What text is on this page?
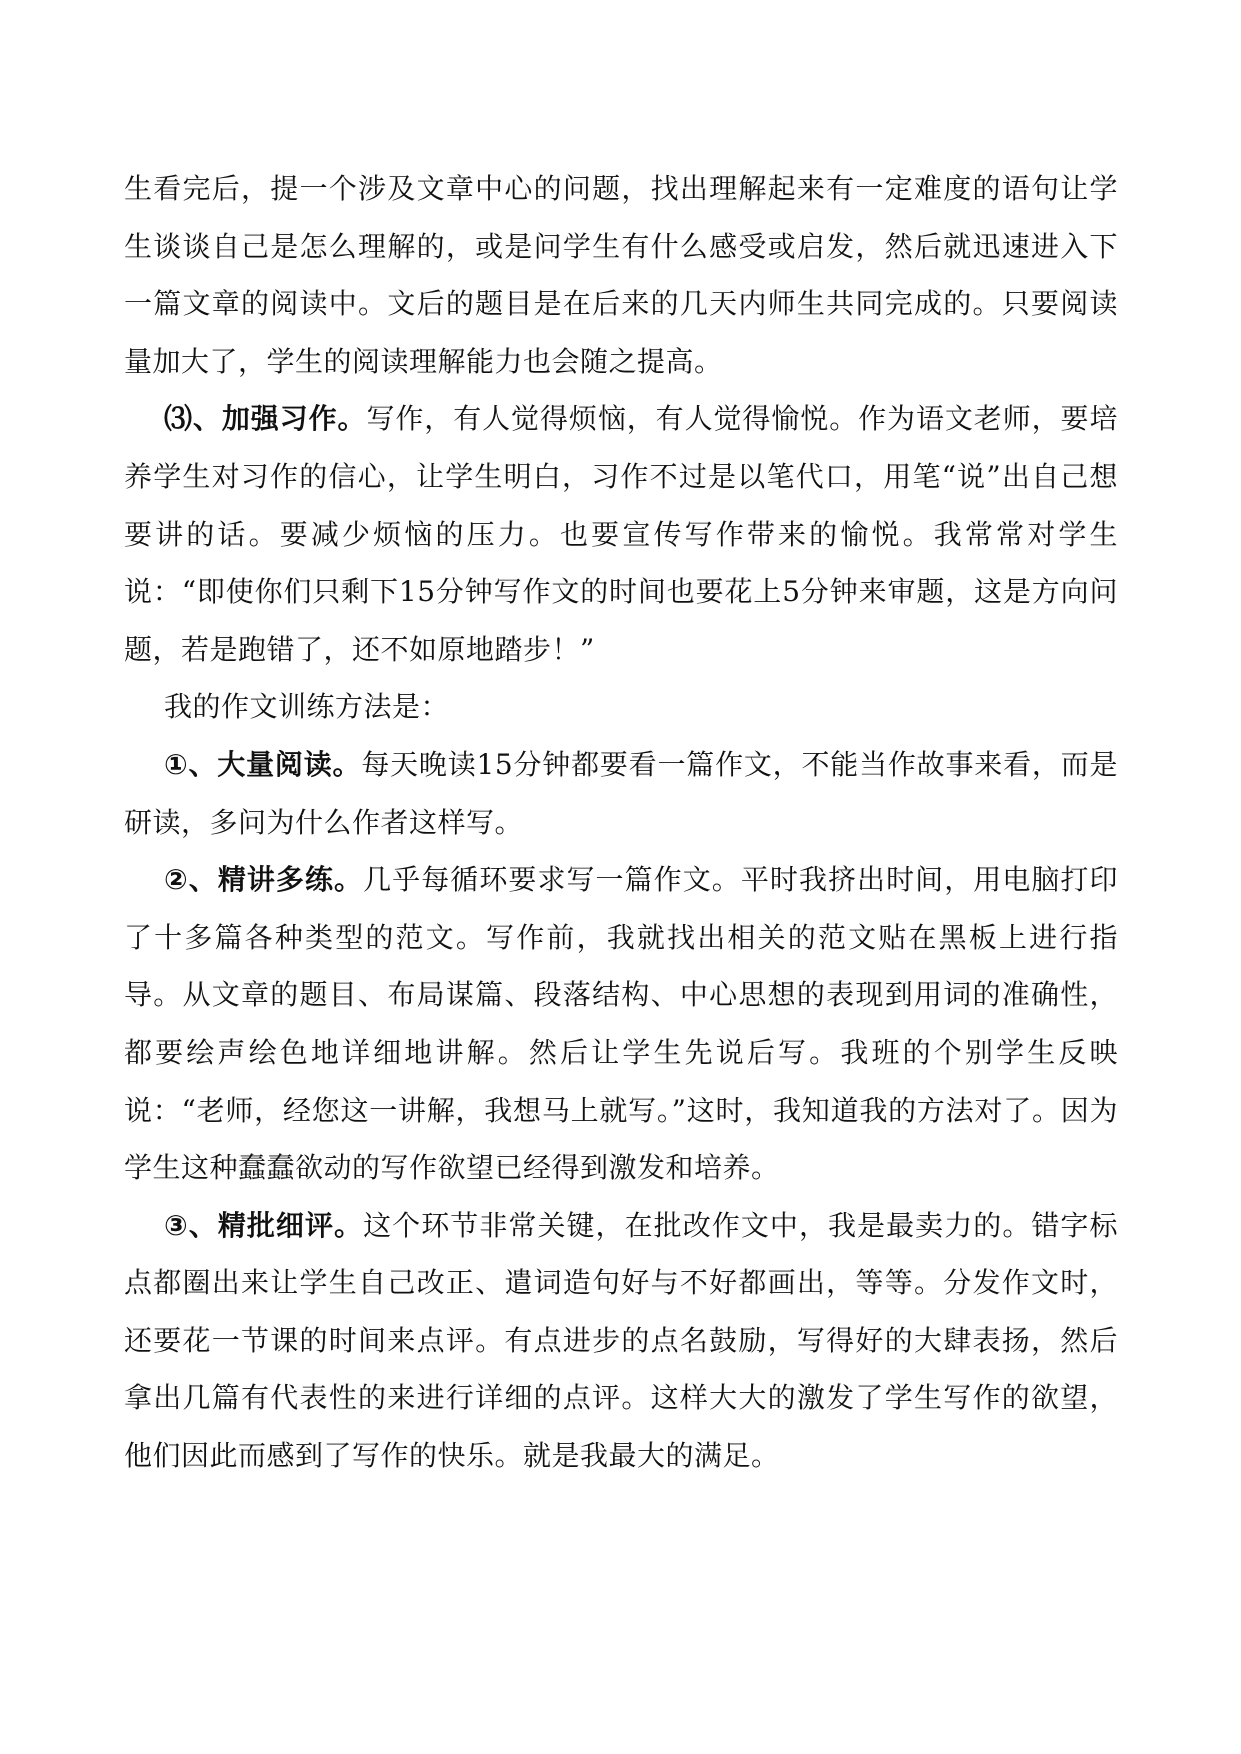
生看完后，提一个涉及文章中心的问题，找出理解起来有一定难度的语句让学生谈谈自己是怎么理解的，或是问学生有什么感受或启发，然后就迅速进入下一篇文章的阅读中。文后的题目是在后来的几天内师生共同完成的。只要阅读量加大了，学生的阅读理解能力也会随之提高。

⑶、加强习作。写作，有人觉得烦恼，有人觉得愉悦。作为语文老师，要培养学生对习作的信心，让学生明白，习作不过是以笔代口，用笔“说”出自己想要讲的话。要减少烦恼的压力。也要宣传写作带来的愉悦。我常常对学生说：“即使你们只剩下15分钟写作文的时间也要花上5分钟来审题，这是方向问题，若是跑错了，还不如原地踏步！”

我的作文训练方法是：

①、大量阅读。每天晚读15分钟都要看一篇作文，不能当作故事来看，而是研读，多问为什么作者这样写。

②、精讲多练。几乎每循环要求写一篇作文。平时我挤出时间，用电脑打印了十多篇各种类型的范文。写作前，我就找出相关的范文贴在黑板上进行指导。从文章的题目、布局谋篇、段落结构、中心思想的表现到用词的准确性，都要绘声绘色地详细地讲解。然后让学生先说后写。我班的个别学生反映说：“老师，经您这一讲解，我想马上就写。”这时，我知道我的方法对了。因为学生这种蠢蠢欲动的写作欲望已经得到激发和培养。

③、精批细评。这个环节非常关键，在批改作文中，我是最卖力的。错字标点都圈出来让学生自己改正、遣词造句好与不好都画出，等等。分发作文时，还要花一节课的时间来点评。有点进步的点名鼓励，写得好的大肆表扬，然后拿出几篇有代表性的来进行详细的点评。这样大大的激发了学生写作的欲望，他们因此而感到了写作的快乐。就是我最大的满足。
